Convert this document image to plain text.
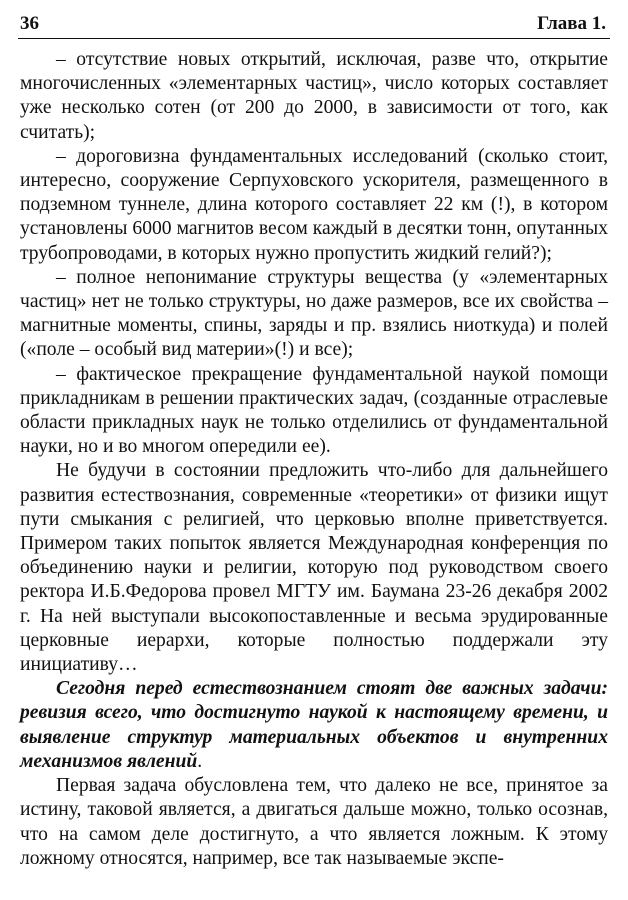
36	Глава 1.

– отсутствие новых открытий, исключая, разве что, открытие многочисленных «элементарных частиц», число которых составляет уже несколько сотен (от 200 до 2000, в зависимости от того, как считать);

– дороговизна фундаментальных исследований (сколько стоит, интересно, сооружение Серпуховского ускорителя, размещенного в подземном туннеле, длина которого составляет 22 км (!), в котором установлены 6000 магнитов весом каждый в десятки тонн, опутанных трубопроводами, в которых нужно пропустить жидкий гелий?);

– полное непонимание структуры вещества (у «элементарных частиц» нет не только структуры, но даже размеров, все их свойства – магнитные моменты, спины, заряды и пр. взялись ниоткуда) и полей («поле – особый вид материи»(!) и все);

– фактическое прекращение фундаментальной наукой помощи прикладникам в решении практических задач, (созданные отраслевые области прикладных наук не только отделились от фундаментальной науки, но и во многом опередили ее).

Не будучи в состоянии предложить что-либо для дальнейшего развития естествознания, современные «теоретики» от физики ищут пути смыкания с религией, что церковью вполне приветствуется. Примером таких попыток является Международная конференция по объединению науки и религии, которую под руководством своего ректора И.Б.Федорова провел МГТУ им. Баумана 23-26 декабря 2002 г. На ней выступали высокопоставленные и весьма эрудированные церковные иерархи, которые полностью поддержали эту инициативу…

Сегодня перед естествознанием стоят две важных задачи: ревизия всего, что достигнуто наукой к настоящему времени, и выявление структур материальных объектов и внутренних механизмов явлений.

Первая задача обусловлена тем, что далеко не все, принятое за истину, таковой является, а двигаться дальше можно, только осознав, что на самом деле достигнуто, а что является ложным. К этому ложному относятся, например, все так называемые экспе-
